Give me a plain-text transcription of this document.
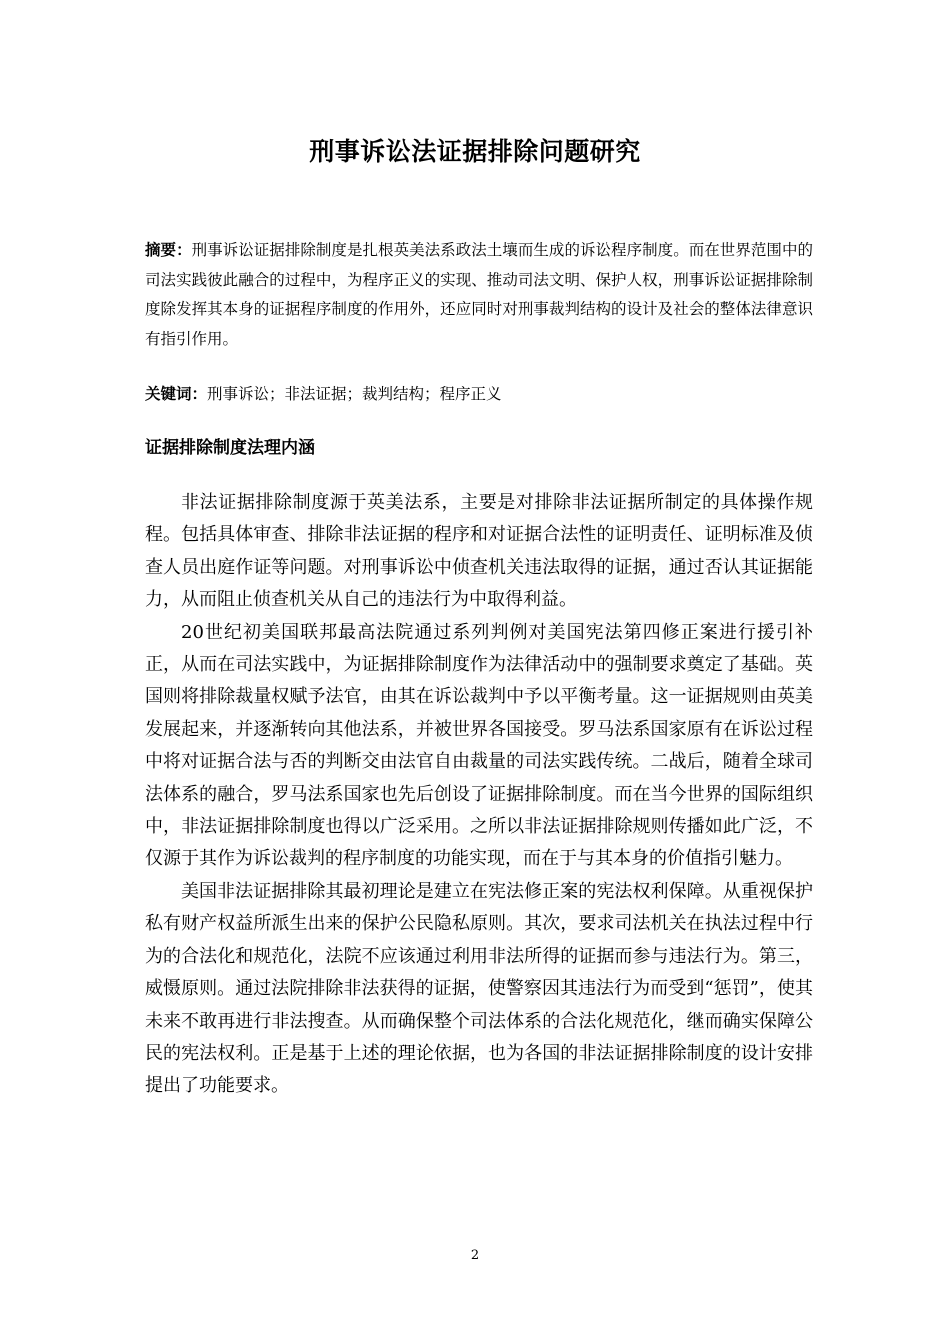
刑事诉讼法证据排除问题研究
摘要：刑事诉讼证据排除制度是扎根英美法系政法土壤而生成的诉讼程序制度。而在世界范围中的司法实践彼此融合的过程中，为程序正义的实现、推动司法文明、保护人权，刑事诉讼证据排除制度除发挥其本身的证据程序制度的作用外，还应同时对刑事裁判结构的设计及社会的整体法律意识有指引作用。
关键词：刑事诉讼；非法证据；裁判结构；程序正义
证据排除制度法理内涵

非法证据排除制度源于英美法系，主要是对排除非法证据所制定的具体操作规程。包括具体审查、排除非法证据的程序和对证据合法性的证明责任、证明标准及侦查人员出庭作证等问题。对刑事诉讼中侦查机关违法取得的证据，通过否认其证据能力，从而阻止侦查机关从自己的违法行为中取得利益。

20世纪初美国联邦最高法院通过系列判例对美国宪法第四修正案进行援引补正，从而在司法实践中，为证据排除制度作为法律活动中的强制要求奠定了基础。英国则将排除裁量权赋予法官，由其在诉讼裁判中予以平衡考量。这一证据规则由英美发展起来，并逐渐转向其他法系，并被世界各国接受。罗马法系国家原有在诉讼过程中将对证据合法与否的判断交由法官自由裁量的司法实践传统。二战后，随着全球司法体系的融合，罗马法系国家也先后创设了证据排除制度。而在当今世界的国际组织中，非法证据排除制度也得以广泛采用。之所以非法证据排除规则传播如此广泛，不仅源于其作为诉讼裁判的程序制度的功能实现，而在于与其本身的价值指引魅力。

美国非法证据排除其最初理论是建立在宪法修正案的宪法权利保障。从重视保护私有财产权益所派生出来的保护公民隐私原则。其次，要求司法机关在执法过程中行为的合法化和规范化，法院不应该通过利用非法所得的证据而参与违法行为。第三，威慑原则。通过法院排除非法获得的证据，使警察因其违法行为而受到“惩罚”，使其未来不敢再进行非法搜查。从而确保整个司法体系的合法化规范化，继而确实保障公民的宪法权利。正是基于上述的理论依据，也为各国的非法证据排除制度的设计安排提出了功能要求。

2
